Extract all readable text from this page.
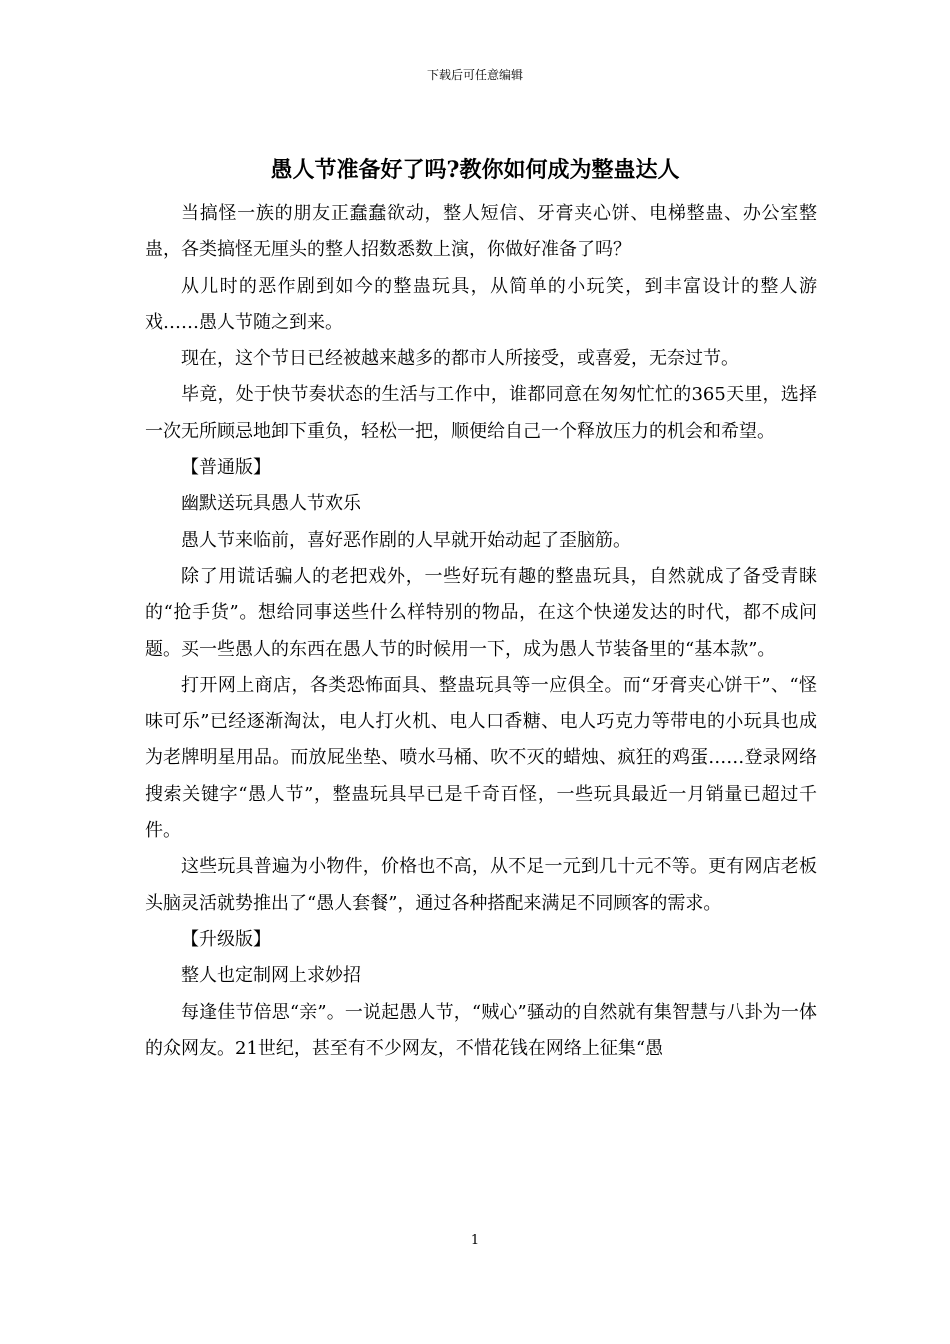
下载后可任意编辑
愚人节准备好了吗?教你如何成为整蛊达人

当搞怪一族的朋友正蠢蠢欲动，整人短信、牙膏夹心饼、电梯整蛊、办公室整蛊，各类搞怪无厘头的整人招数悉数上演，你做好准备了吗？

从儿时的恶作剧到如今的整蛊玩具，从简单的小玩笑，到丰富设计的整人游戏……愚人节随之到来。

现在，这个节日已经被越来越多的都市人所接受，或喜爱，无奈过节。

毕竟，处于快节奏状态的生活与工作中，谁都同意在匆匆忙忙的365天里，选择一次无所顾忌地卸下重负，轻松一把，顺便给自己一个释放压力的机会和希望。

【普通版】

幽默送玩具愚人节欢乐

愚人节来临前，喜好恶作剧的人早就开始动起了歪脑筋。

除了用谎话骗人的老把戏外，一些好玩有趣的整蛊玩具，自然就成了备受青睐的“抢手货”。想给同事送些什么样特别的物品，在这个快递发达的时代，都不成问题。买一些愚人的东西在愚人节的时候用一下，成为愚人节装备里的“基本款”。

打开网上商店，各类恐怖面具、整蛊玩具等一应俱全。而“牙膏夹心饼干”、“怪味可乐”已经逐渐淘汰，电人打火机、电人口香糖、电人巧克力等带电的小玩具也成为老牌明星用品。而放屁坐垫、喷水马桶、吹不灭的蜡烛、疯狂的鸡蛋……登录网络搜索关键字“愚人节”，整蛊玩具早已是千奇百怪，一些玩具最近一月销量已超过千件。

这些玩具普遍为小物件，价格也不高，从不足一元到几十元不等。更有网店老板头脑灵活就势推出了“愚人套餐”，通过各种搭配来满足不同顾客的需求。

【升级版】

整人也定制网上求妙招

每逢佳节倍思“亲”。一说起愚人节，“贼心”骚动的自然就有集智慧与八卦为一体的众网友。21世纪，甚至有不少网友，不惜花钱在网络上征集“愚

1
